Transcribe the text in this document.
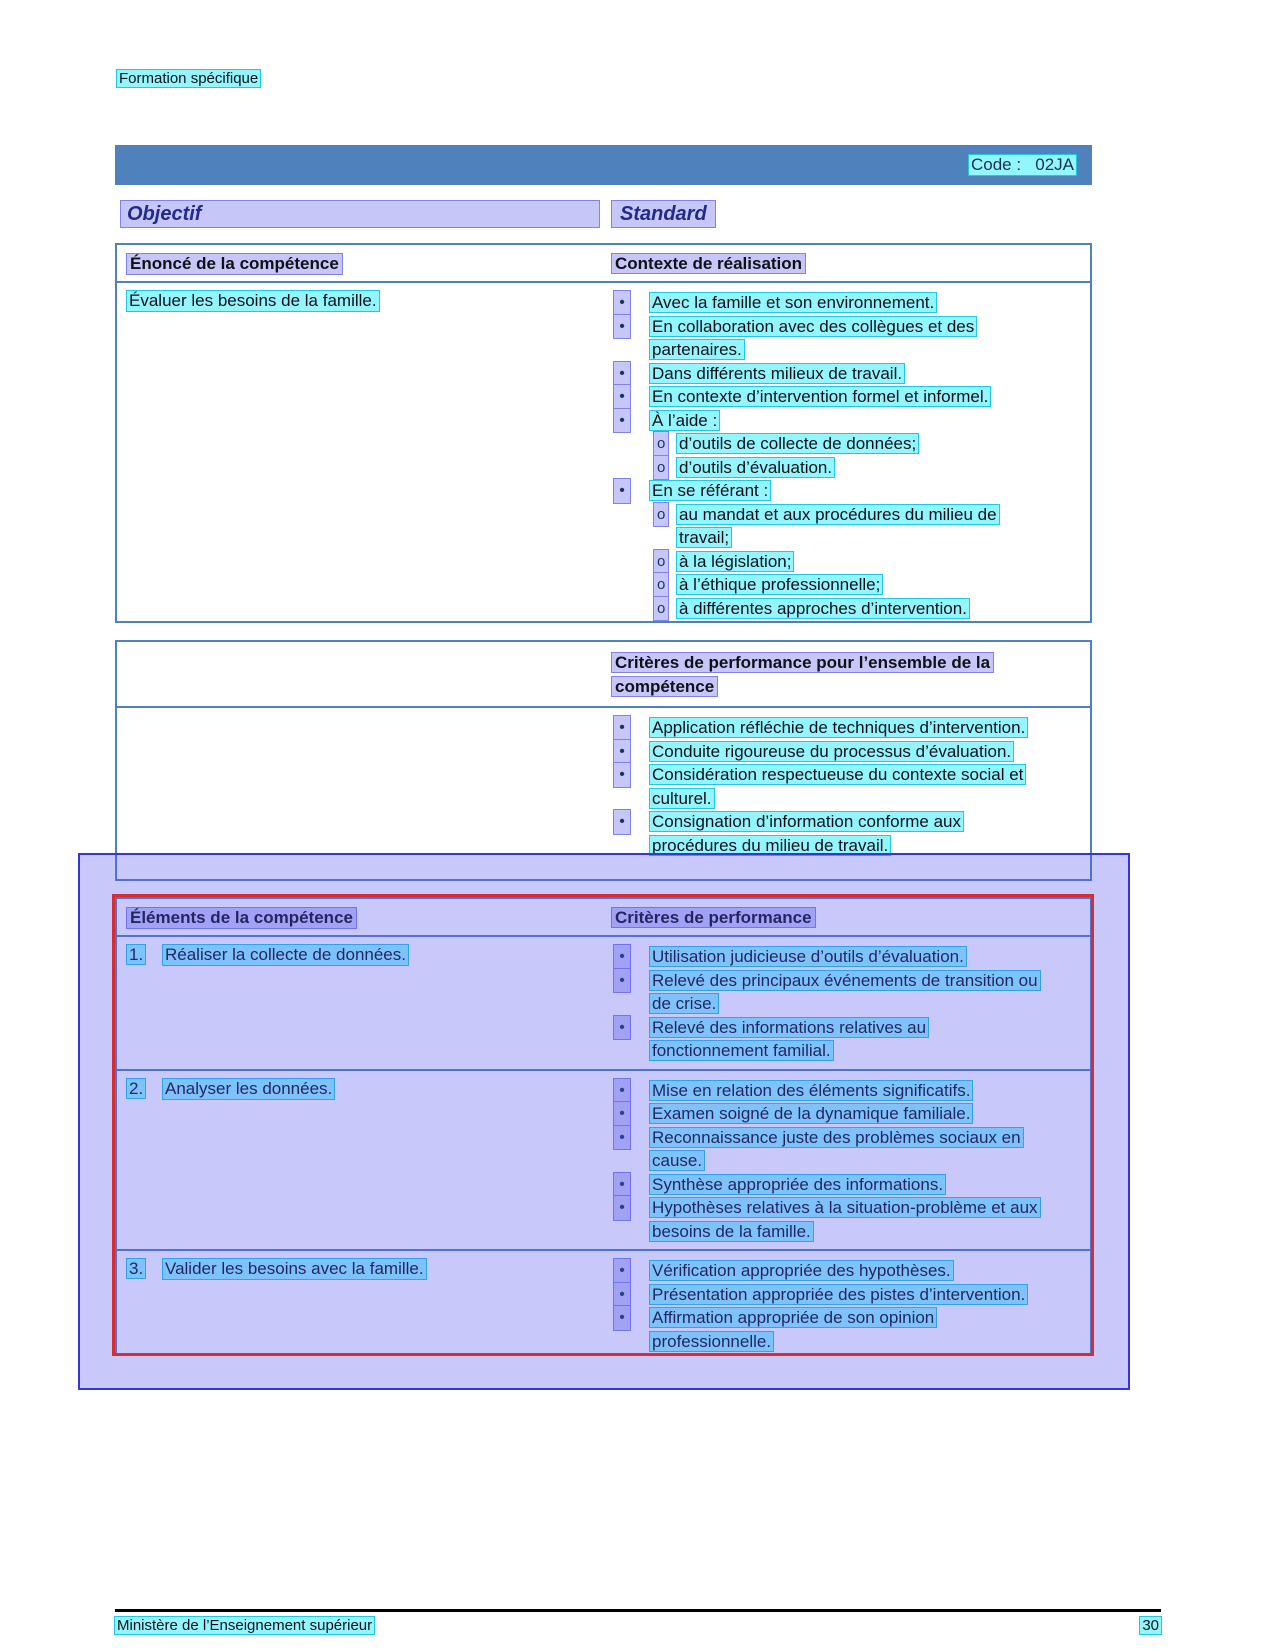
Formation spécifique
Code :   02JA
Objectif	Standard
Énoncé de la compétence	Contexte de réalisation
Évaluer les besoins de la famille.	•	Avec la famille et son environnement.
•	En collaboration avec des collègues et des partenaires.
•	Dans différents milieux de travail.
•	En contexte d’intervention formel et informel.
•	À l’aide :
o d’outils de collecte de données;
o d’outils d’évaluation.
•	En se référant :
o au mandat et aux procédures du milieu de travail;
o à la législation;
o à l’éthique professionnelle;
o à différentes approches d’intervention.
Critères de performance pour l’ensemble de la compétence
•	Application réfléchie de techniques d’intervention.
•	Conduite rigoureuse du processus d’évaluation.
•	Considération respectueuse du contexte social et culturel.
•	Consignation d’information conforme aux procédures du milieu de travail.
Éléments de la compétence	Critères de performance
1.	Réaliser la collecte de données.	•	Utilisation judicieuse d’outils d’évaluation.
•	Relevé des principaux événements de transition ou de crise.
•	Relevé des informations relatives au fonctionnement familial.
2.	Analyser les données.	•	Mise en relation des éléments significatifs.
•	Examen soigné de la dynamique familiale.
•	Reconnaissance juste des problèmes sociaux en cause.
•	Synthèse appropriée des informations.
•	Hypothèses relatives à la situation-problème et aux besoins de la famille.
3.	Valider les besoins avec la famille.	•	Vérification appropriée des hypothèses.
•	Présentation appropriée des pistes d’intervention.
•	Affirmation appropriée de son opinion professionnelle.
Ministère de l’Enseignement supérieur	30
